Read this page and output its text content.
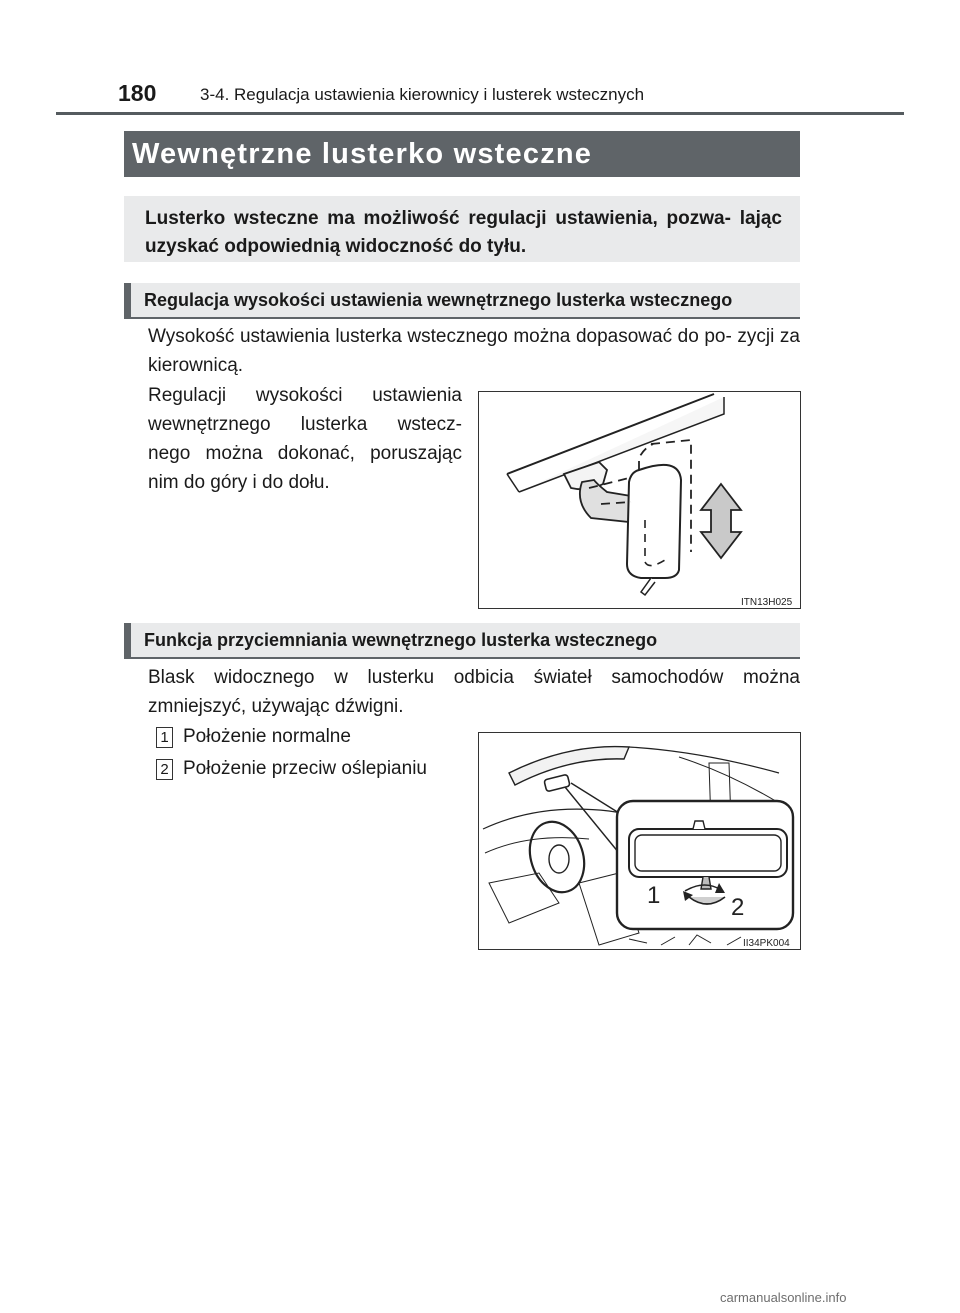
180	3-4. Regulacja ustawienia kierownicy i lusterek wstecznych
Wewnętrzne lusterko wsteczne
Lusterko wsteczne ma możliwość regulacji ustawienia, pozwa- lając uzyskać odpowiednią widoczność do tyłu.
Regulacja wysokości ustawienia wewnętrznego lusterka wstecznego
Wysokość ustawienia lusterka wstecznego można dopasować do po- zycji za kierownicą.
Regulacji wysokości ustawienia
wewnętrznego lusterka wstecz-
nego można dokonać, poruszając
nim do góry i do dołu.
ITN13H025
Funkcja przyciemniania wewnętrznego lusterka wstecznego
Blask widocznego w lusterku odbicia świateł samochodów można zmniejszyć, używając dźwigni.
1 Położenie normalne
2 Położenie przeciw oślepianiu
1	2
II34PK004
carmanualsonline.info
